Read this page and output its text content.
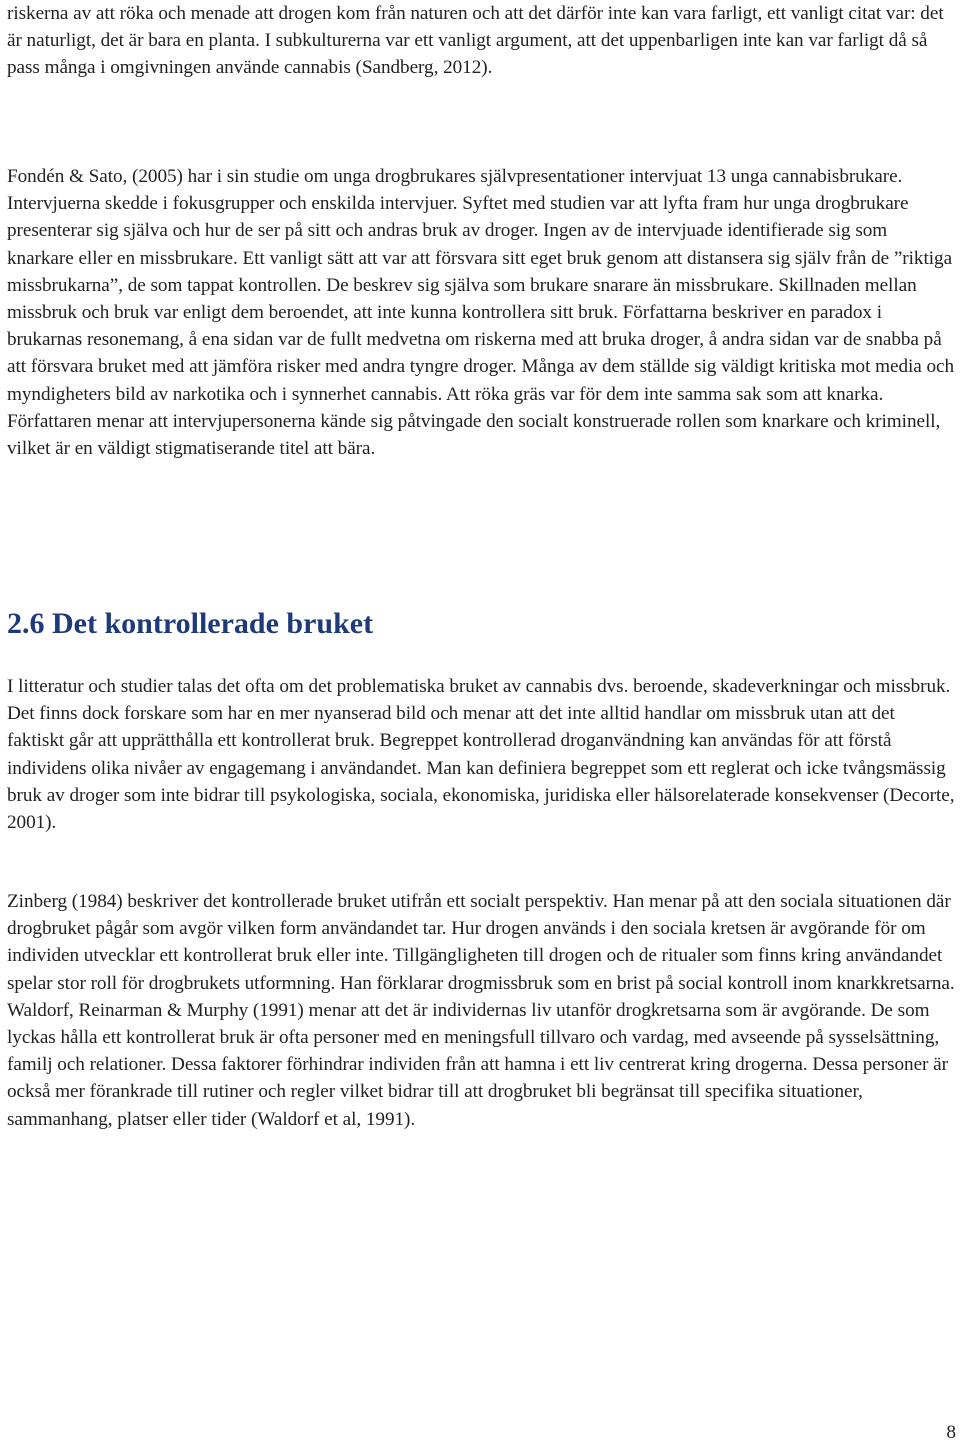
riskerna av att röka och menade att drogen kom från naturen och att det därför inte kan vara farligt, ett vanligt citat var: det är naturligt, det är bara en planta. I subkulturerna var ett vanligt argument, att det uppenbarligen inte kan var farligt då så pass många i omgivningen använde cannabis (Sandberg, 2012).

Fondén & Sato, (2005) har i sin studie om unga drogbrukares självpresentationer intervjuat 13 unga cannabisbrukare. Intervjuerna skedde i fokusgrupper och enskilda intervjuer. Syftet med studien var att lyfta fram hur unga drogbrukare presenterar sig själva och hur de ser på sitt och andras bruk av droger. Ingen av de intervjuade identifierade sig som knarkare eller en missbrukare. Ett vanligt sätt att var att försvara sitt eget bruk genom att distansera sig själv från de ”riktiga missbrukarna”, de som tappat kontrollen. De beskrev sig själva som brukare snarare än missbrukare. Skillnaden mellan missbruk och bruk var enligt dem beroendet, att inte kunna kontrollera sitt bruk. Författarna beskriver en paradox i brukarnas resonemang, å ena sidan var de fullt medvetna om riskerna med att bruka droger, å andra sidan var de snabba på att försvara bruket med att jämföra risker med andra tyngre droger. Många av dem ställde sig väldigt kritiska mot media och myndigheters bild av narkotika och i synnerhet cannabis. Att röka gräs var för dem inte samma sak som att knarka. Författaren menar att intervjupersonerna kände sig påtvingade den socialt konstruerade rollen som knarkare och kriminell, vilket är en väldigt stigmatiserande titel att bära.

2.6 Det kontrollerade bruket

I litteratur och studier talas det ofta om det problematiska bruket av cannabis dvs. beroende, skadeverkningar och missbruk. Det finns dock forskare som har en mer nyanserad bild och menar att det inte alltid handlar om missbruk utan att det faktiskt går att upprätthålla ett kontrollerat bruk. Begreppet kontrollerad droganvändning kan användas för att förstå individens olika nivåer av engagemang i användandet. Man kan definiera begreppet som ett reglerat och icke tvångsmässig bruk av droger som inte bidrar till psykologiska, sociala, ekonomiska, juridiska eller hälsorelaterade konsekvenser (Decorte, 2001).

Zinberg (1984) beskriver det kontrollerade bruket utifrån ett socialt perspektiv. Han menar på att den sociala situationen där drogbruket pågår som avgör vilken form användandet tar. Hur drogen används i den sociala kretsen är avgörande för om individen utvecklar ett kontrollerat bruk eller inte. Tillgängligheten till drogen och de ritualer som finns kring användandet spelar stor roll för drogbrukets utformning. Han förklarar drogmissbruk som en brist på social kontroll inom knarkkretsarna. Waldorf, Reinarman & Murphy (1991) menar att det är individernas liv utanför drogkretsarna som är avgörande. De som lyckas hålla ett kontrollerat bruk är ofta personer med en meningsfull tillvaro och vardag, med avseende på sysselsättning, familj och relationer. Dessa faktorer förhindrar individen från att hamna i ett liv centrerat kring drogerna. Dessa personer är också mer förankrade till rutiner och regler vilket bidrar till att drogbruket bli begränsat till specifika situationer, sammanhang, platser eller tider (Waldorf et al, 1991).

8
